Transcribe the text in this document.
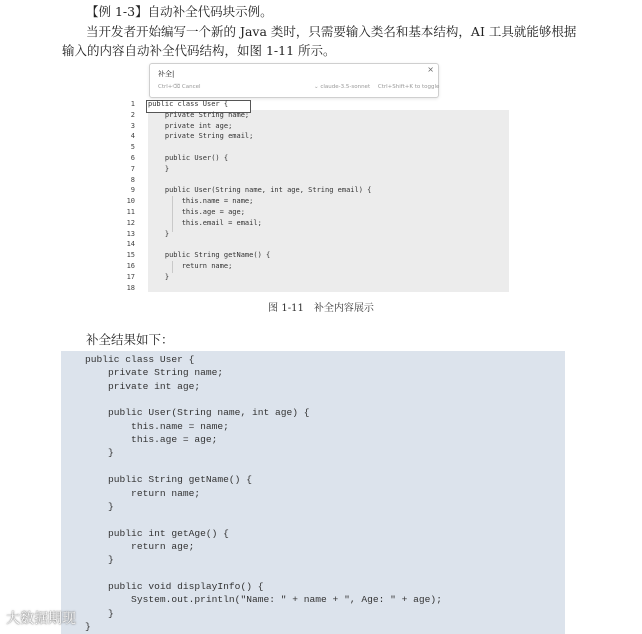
【例 1-3】自动补全代码块示例。
当开发者开始编写一个新的 Java 类时，只需要输入类名和基本结构，AI 工具就能够根据
输入的内容自动补全代码结构，如图 1-11 所示。
补全|	×
Ctrl+⌫ Cancel	⌄ claude-3.5-sonnet Ctrl+Shift+K to toggle
1
2
3
4
5
6
7
8
9
10
11
12
13
14
15
16
17
18
public class User {
private String name;
private int age;
private String email;
public User() {
}
public User(String name, int age, String email) {
this.name = name;
this.age = age;
this.email = email;
}
public String getName() {
return name;
}
图 1-11　补全内容展示
补全结果如下：
public class User {
private String name;
private int age;
public User(String name, int age) {
this.name = name;
this.age = age;
}
public String getName() {
return name;
}
public int getAge() {
return age;
}
public void displayInfo() {
System.out.println("Name: " + name + ", Age: " + age);
}
}
大数据期现
